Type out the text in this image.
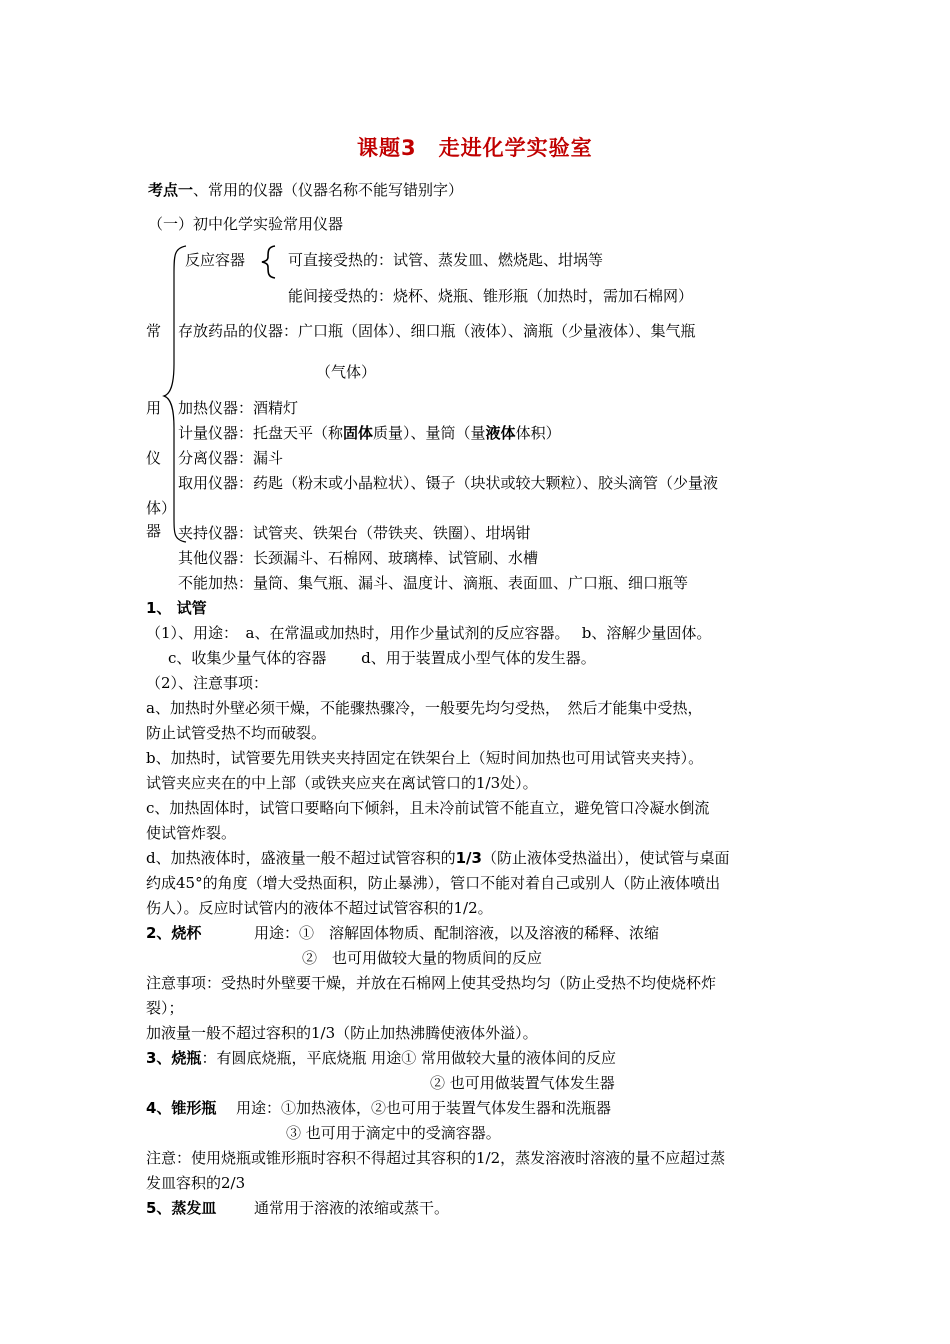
课题3　走进化学实验室
考点一、常用的仪器（仪器名称不能写错别字）
（一）初中化学实验常用仪器
常
用
仪
器
反应容器	可直接受热的：试管、蒸发皿、燃烧匙、坩埚等
能间接受热的：烧杯、烧瓶、锥形瓶（加热时，需加石棉网）
存放药品的仪器：广口瓶（固体）、细口瓶（液体）、滴瓶（少量液体）、集气瓶
（气体）
加热仪器：酒精灯
计量仪器：托盘天平（称固体质量）、量筒（量液体体积）
分离仪器：漏斗
取用仪器：药匙（粉末或小晶粒状）、镊子（块状或较大颗粒）、胶头滴管（少量液
体）
夹持仪器：试管夹、铁架台（带铁夹、铁圈）、坩埚钳
其他仪器：长颈漏斗、石棉网、玻璃棒、试管刷、水槽
不能加热：量筒、集气瓶、漏斗、温度计、滴瓶、表面皿、广口瓶、细口瓶等
1、 试管
（1）、用途：　a、在常温或加热时，用作少量试剂的反应容器。　 b、溶解少量固体。
c、收集少量气体的容器　　 d、用于装置成小型气体的发生器。
（2）、注意事项：
a、加热时外壁必须干燥，不能骤热骤冷，一般要先均匀受热，　然后才能集中受热，
防止试管受热不均而破裂。
b、加热时，试管要先用铁夹夹持固定在铁架台上（短时间加热也可用试管夹夹持）。
试管夹应夹在的中上部（或铁夹应夹在离试管口的1/3处）。
c、加热固体时，试管口要略向下倾斜，且未冷前试管不能直立，避免管口冷凝水倒流
使试管炸裂。
d、加热液体时，盛液量一般不超过试管容积的1/3（防止液体受热溢出），使试管与桌面
约成45°的角度（增大受热面积，防止暴沸），管口不能对着自己或别人（防止液体喷出
伤人）。反应时试管内的液体不超过试管容积的1/2。
2、烧杯	用途：①　溶解固体物质、配制溶液，以及溶液的稀释、浓缩
②　也可用做较大量的物质间的反应
注意事项：受热时外壁要干燥，并放在石棉网上使其受热均匀（防止受热不均使烧杯炸
裂）；
加液量一般不超过容积的1/3（防止加热沸腾使液体外溢）。
3、烧瓶：有圆底烧瓶，平底烧瓶 用途① 常用做较大量的液体间的反应
② 也可用做装置气体发生器
4、锥形瓶 用途：①加热液体，②也可用于装置气体发生器和洗瓶器
③ 也可用于滴定中的受滴容器。
注意：使用烧瓶或锥形瓶时容积不得超过其容积的1/2，蒸发溶液时溶液的量不应超过蒸
发皿容积的2/3
5、蒸发皿	通常用于溶液的浓缩或蒸干。
